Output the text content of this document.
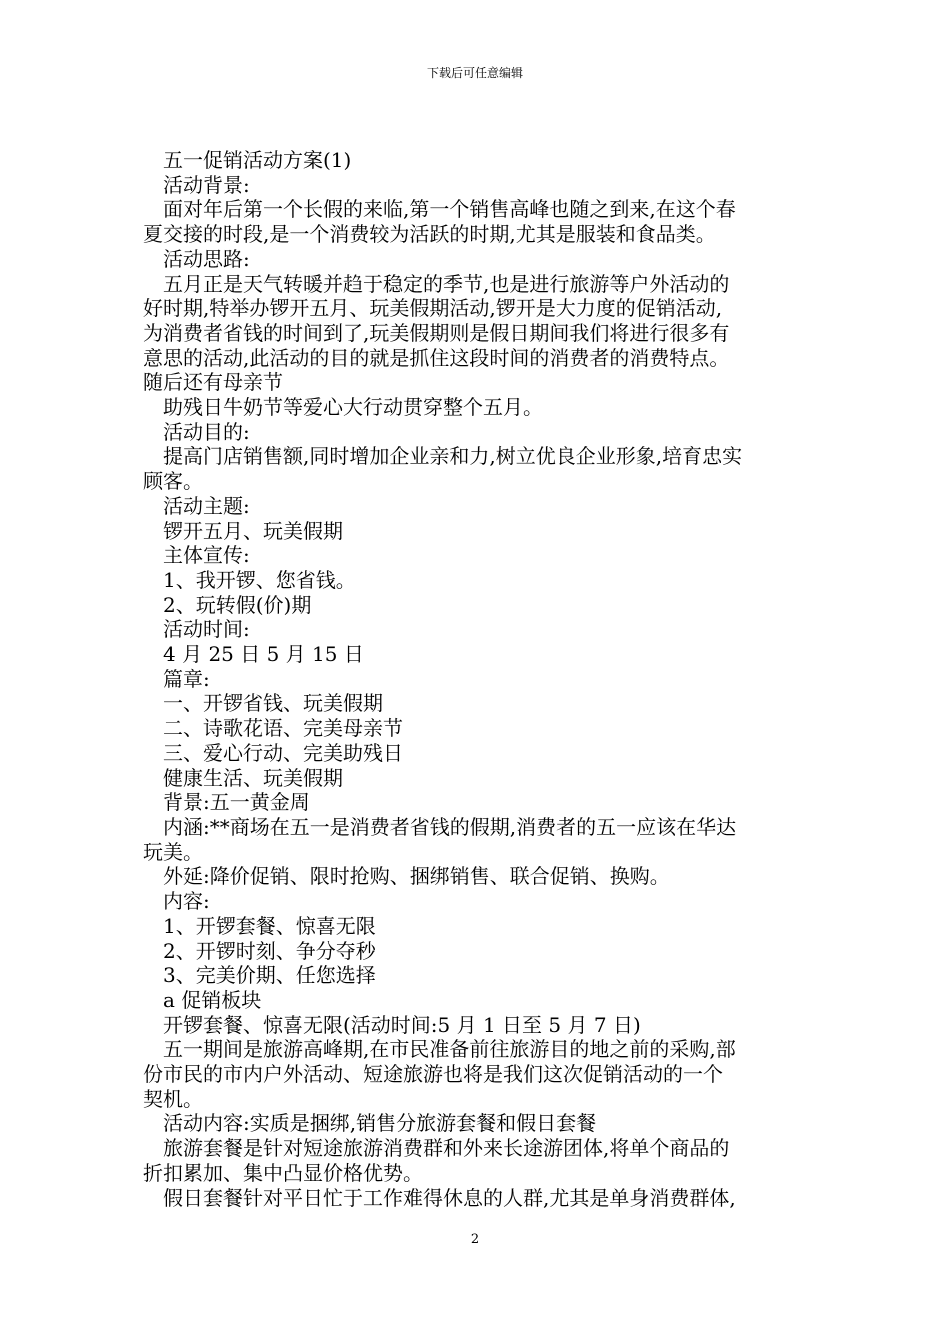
下载后可任意编辑
五一促销活动方案(1)
活动背景:
面对年后第一个长假的来临,第一个销售高峰也随之到来,在这个春
夏交接的时段,是一个消费较为活跃的时期,尤其是服装和食品类。
活动思路:
五月正是天气转暖并趋于稳定的季节,也是进行旅游等户外活动的
好时期,特举办锣开五月、玩美假期活动,锣开是大力度的促销活动,
为消费者省钱的时间到了,玩美假期则是假日期间我们将进行很多有
意思的活动,此活动的目的就是抓住这段时间的消费者的消费特点。
随后还有母亲节
助残日牛奶节等爱心大行动贯穿整个五月。
活动目的:
提高门店销售额,同时增加企业亲和力,树立优良企业形象,培育忠实
顾客。
活动主题:
锣开五月、玩美假期
主体宣传:
1、我开锣、您省钱。
2、玩转假(价)期
活动时间:
4 月 25 日 5 月 15 日
篇章:
一、开锣省钱、玩美假期
二、诗歌花语、完美母亲节
三、爱心行动、完美助残日
健康生活、玩美假期
背景:五一黄金周
内涵:**商场在五一是消费者省钱的假期,消费者的五一应该在华达
玩美。
外延:降价促销、限时抢购、捆绑销售、联合促销、换购。
内容:
1、开锣套餐、惊喜无限
2、开锣时刻、争分夺秒
3、完美价期、任您选择
a 促销板块
开锣套餐、惊喜无限(活动时间:5 月 1 日至 5 月 7 日)
五一期间是旅游高峰期,在市民准备前往旅游目的地之前的采购,部
份市民的市内户外活动、短途旅游也将是我们这次促销活动的一个
契机。
活动内容:实质是捆绑,销售分旅游套餐和假日套餐
旅游套餐是针对短途旅游消费群和外来长途游团体,将单个商品的
折扣累加、集中凸显价格优势。
假日套餐针对平日忙于工作难得休息的人群,尤其是单身消费群体,
2
